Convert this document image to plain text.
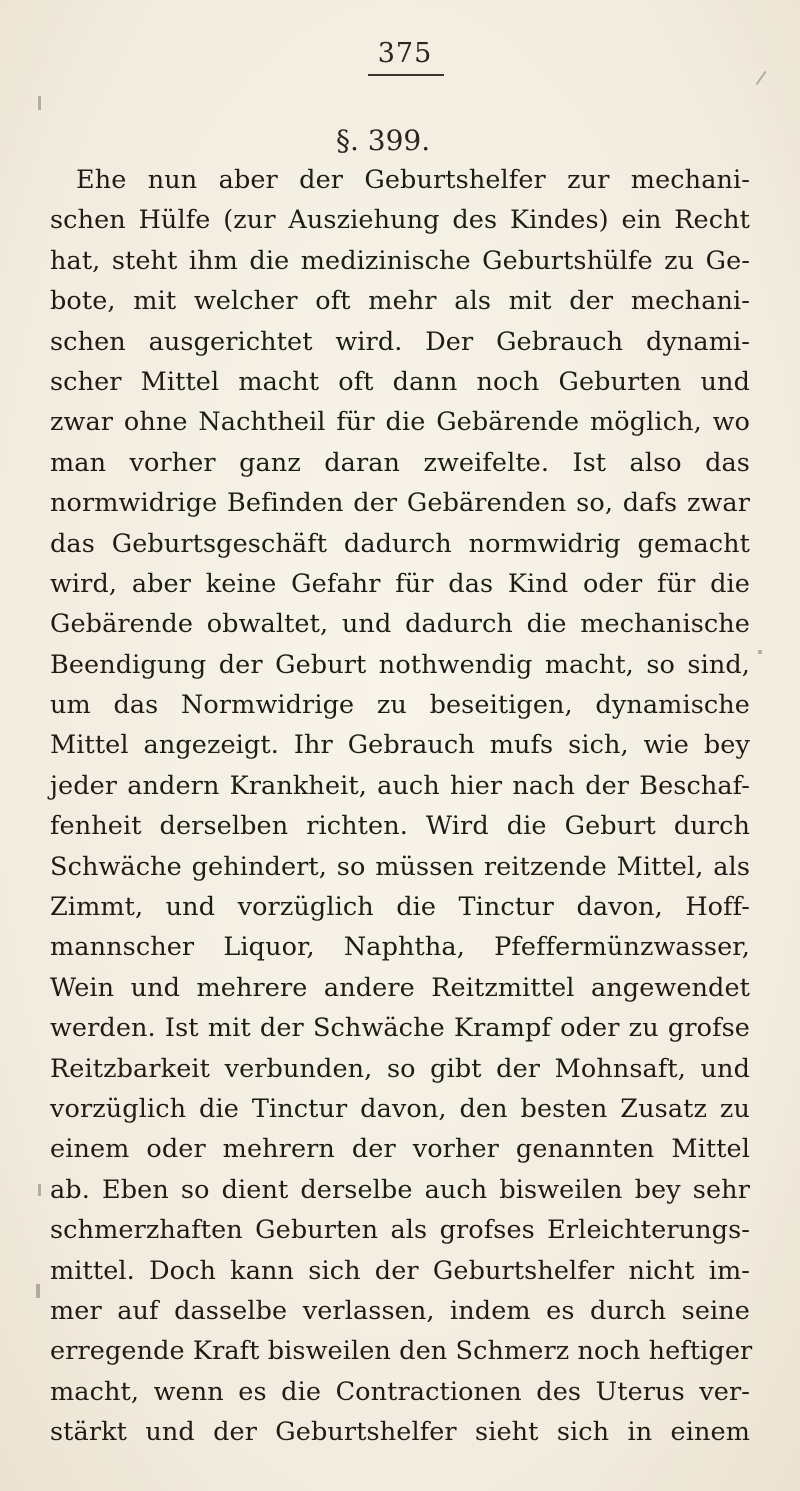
375
§. 399.
Ehe nun aber der Geburtshelfer zur mechani-
schen Hülfe (zur Ausziehung des Kindes) ein Recht
hat, steht ihm die medizinische Geburtshülfe zu Ge-
bote, mit welcher oft mehr als mit der mechani-
schen ausgerichtet wird. Der Gebrauch dynami-
scher Mittel macht oft dann noch Geburten und
zwar ohne Nachtheil für die Gebärende möglich, wo
man vorher ganz daran zweifelte. Ist also das
normwidrige Befinden der Gebärenden so, dafs zwar
das Geburtsgeschäft dadurch normwidrig gemacht
wird, aber keine Gefahr für das Kind oder für die
Gebärende obwaltet, und dadurch die mechanische
Beendigung der Geburt nothwendig macht, so sind,
um das Normwidrige zu beseitigen, dynamische
Mittel angezeigt. Ihr Gebrauch mufs sich, wie bey
jeder andern Krankheit, auch hier nach der Beschaf-
fenheit derselben richten. Wird die Geburt durch
Schwäche gehindert, so müssen reitzende Mittel, als
Zimmt, und vorzüglich die Tinctur davon, Hoff-
mannscher Liquor, Naphtha, Pfeffermünzwasser,
Wein und mehrere andere Reitzmittel angewendet
werden. Ist mit der Schwäche Krampf oder zu grofse
Reitzbarkeit verbunden, so gibt der Mohnsaft, und
vorzüglich die Tinctur davon, den besten Zusatz zu
einem oder mehrern der vorher genannten Mittel
ab. Eben so dient derselbe auch bisweilen bey sehr
schmerzhaften Geburten als grofses Erleichterungs-
mittel. Doch kann sich der Geburtshelfer nicht im-
mer auf dasselbe verlassen, indem es durch seine
erregende Kraft bisweilen den Schmerz noch heftiger
macht, wenn es die Contractionen des Uterus ver-
stärkt und der Geburtshelfer sieht sich in einem
